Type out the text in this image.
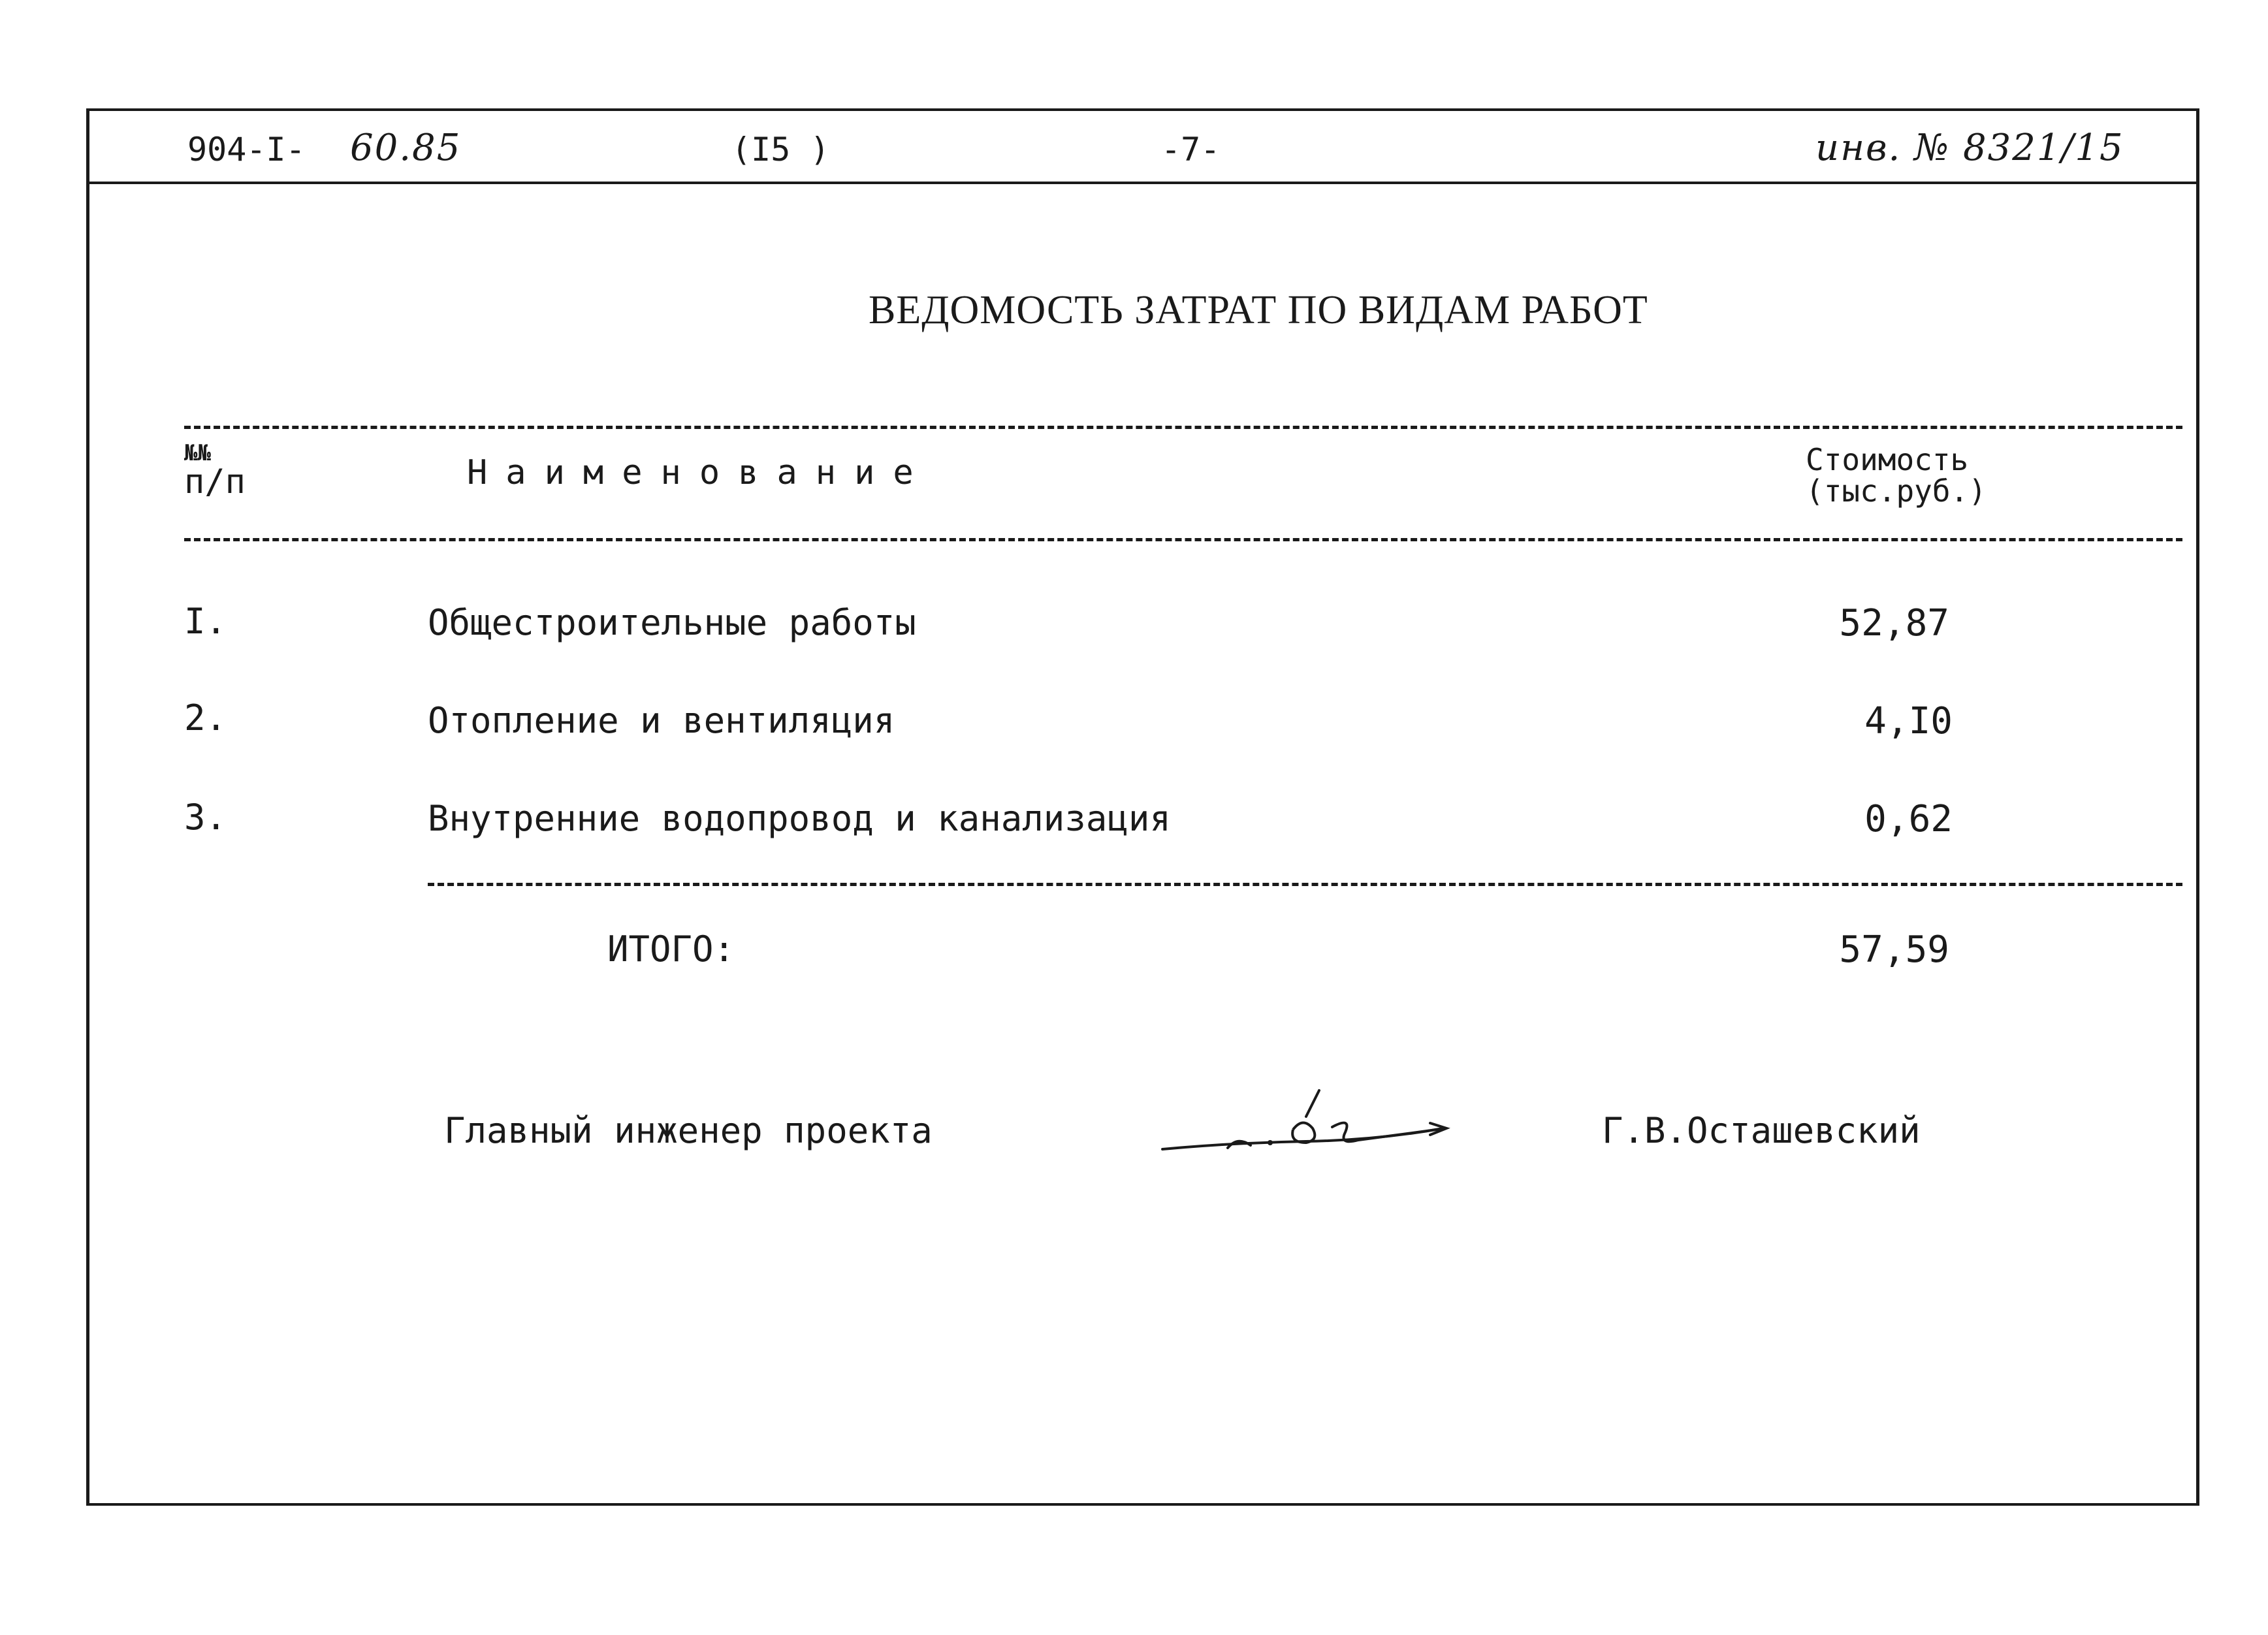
904-I- 60.85	(I5 )	-7-	инв. № 8321/15
ВЕДОМОСТЬ ЗАТРАТ ПО ВИДАМ РАБОТ
№№
п/п	Наименование	Стоимость
(тыс.руб.)
I.	Общестроительные работы	52,87
2.	Отопление и вентиляция	4,I0
3.	Внутренние водопровод и канализация	0,62
ИТОГО:	57,59
Главный инженер проекта	Г.В.Осташевский
